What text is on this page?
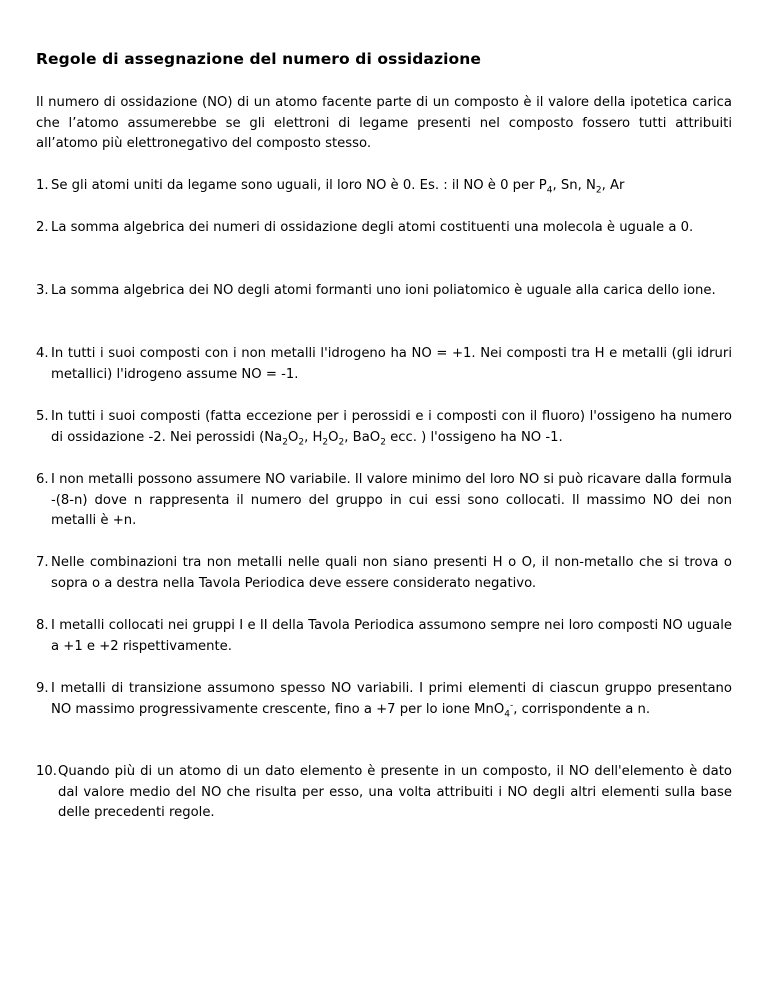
Regole di assegnazione del numero di ossidazione

Il numero di ossidazione (NO) di un atomo facente parte di un composto è il valore della ipotetica carica che l’atomo assumerebbe se gli elettroni di legame presenti nel composto fossero tutti attribuiti all’atomo più elettronegativo del composto stesso.

1. Se gli atomi uniti da legame sono uguali, il loro NO è 0. Es. : il NO è 0 per $P_4$, Sn, $N_2$, Ar
2. La somma algebrica dei numeri di ossidazione degli atomi costituenti una molecola è uguale a 0.
3. La somma algebrica dei NO degli atomi formanti uno ioni poliatomico è uguale alla carica dello ione.
4. In tutti i suoi composti con i non metalli l'idrogeno ha NO = +1. Nei composti tra H e metalli (gli idruri metallici) l'idrogeno assume NO = -1.
5. In tutti i suoi composti (fatta eccezione per i perossidi e i composti con il fluoro) l'ossigeno ha numero di ossidazione -2. Nei perossidi ($Na_2O_2$, $H_2O_2$, BaO$_2$ ecc. ) l'ossigeno ha NO -1.
6. I non metalli possono assumere NO variabile. Il valore minimo del loro NO si può ricavare dalla formula -(8-n) dove n rappresenta il numero del gruppo in cui essi sono collocati. Il massimo NO dei non metalli è +n.
7. Nelle combinazioni tra non metalli nelle quali non siano presenti H o O, il non-metallo che si trova o sopra o a destra nella Tavola Periodica deve essere considerato negativo.
8. I metalli collocati nei gruppi I e II della Tavola Periodica assumono sempre nei loro composti NO uguale a +1 e +2 rispettivamente.
9. I metalli di transizione assumono spesso NO variabili. I primi elementi di ciascun gruppo presentano NO massimo progressivamente crescente, fino a +7 per lo ione MnO$_4$-, corrispondente a n.
10. Quando più di un atomo di un dato elemento è presente in un composto, il NO dell'elemento è dato dal valore medio del NO che risulta per esso, una volta attribuiti i NO degli altri elementi sulla base delle precedenti regole.
